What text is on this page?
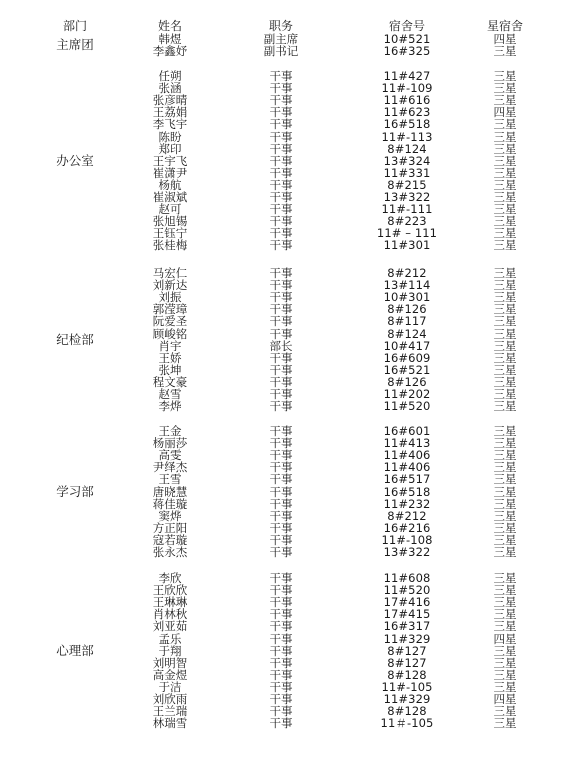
部门	姓名	职务	宿舍号	星宿舍
主席团	韩煜	副主席	10#521	四星
李鑫妤	副书记	16#325	三星
办公室
任朔	干事	11#427	三星
张涵	干事	11#-109	三星
张彦晴	干事	11#616	三星
王荔娟	干事	11#623	四星
李飞宇	干事	16#518	三星
陈盼	干事	11#-113	三星
郑印	干事	8#124	三星
王宇飞	干事	13#324	三星
崔潇尹	干事	11#331	三星
杨航	干事	8#215	三星
崔淑斌	干事	13#322	三星
赵可	干事	11#-111	三星
张旭锡	干事	8#223	三星
王钰宁	干事	11# – 111	三星
张桂梅	干事	11#301	三星
纪检部
马宏仁	干事	8#212	三星
刘新达	干事	13#114	三星
刘振	干事	10#301	三星
郭滢璋	干事	8#126	三星
阮爱圣	干事	8#117	三星
顾峻铭	干事	8#124	三星
肖宇	部长	10#417	三星
王娇	干事	16#609	三星
张坤	干事	16#521	三星
程文豪	干事	8#126	三星
赵雪	干事	11#202	三星
李烨	干事	11#520	三星
学习部
王金	干事	16#601	三星
杨丽莎	干事	11#413	三星
高雯	干事	11#406	三星
尹绎杰	干事	11#406	三星
王雪	干事	16#517	三星
唐晓慧	干事	16#518	三星
蒋佳璇	干事	11#232	三星
窦烨	干事	8#212	三星
方正阳	干事	16#216	三星
寇若璇	干事	11#-108	三星
张永杰	干事	13#322	三星
心理部
李欣	干事	11#608	三星
王欣欣	干事	11#520	三星
王琳琳	干事	17#416	三星
肖林秋	干事	17#415	三星
刘亚茹	干事	16#317	三星
孟乐	干事	11#329	四星
于翔	干事	8#127	三星
刘明智	干事	8#127	三星
高金煜	干事	8#128	三星
于洁	干事	11#-105	三星
刘欣雨	干事	11#329	四星
王兰瑞	干事	8#128	三星
林瑞雪	干事	11＃-105	三星
